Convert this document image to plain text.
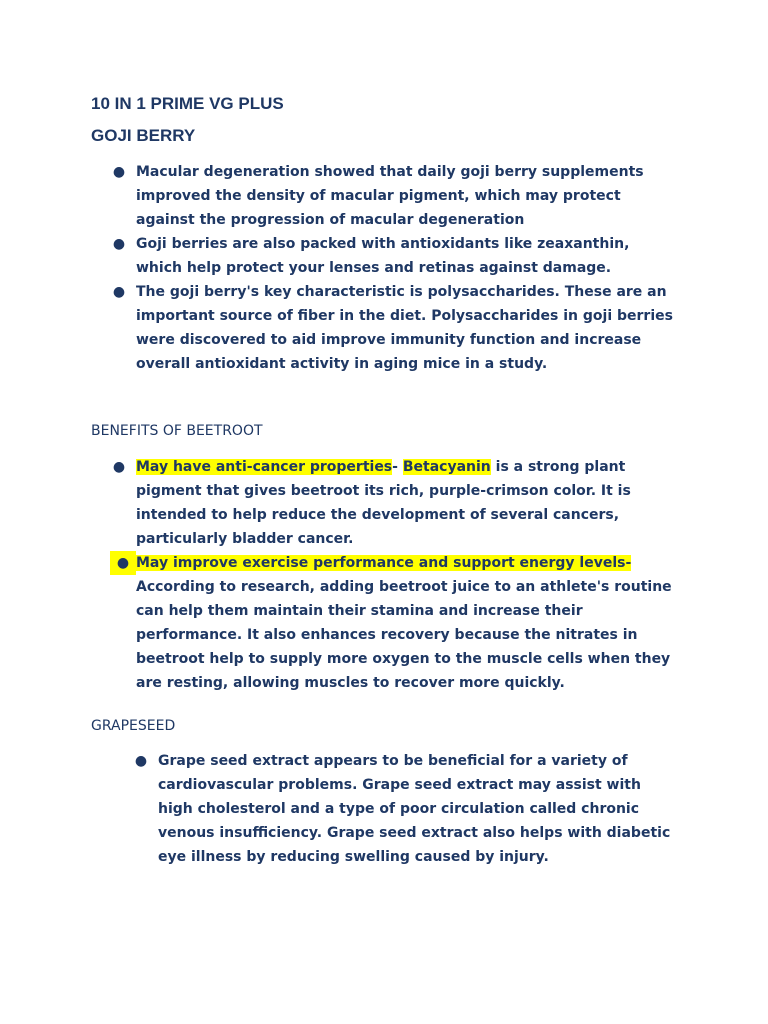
10 IN 1 PRIME VG PLUS
GOJI BERRY
● Macular degeneration showed that daily goji berry supplements improved the density of macular pigment, which may protect against the progression of macular degeneration
● Goji berries are also packed with antioxidants like zeaxanthin, which help protect your lenses and retinas against damage.
● The goji berry's key characteristic is polysaccharides. These are an important source of fiber in the diet. Polysaccharides in goji berries were discovered to aid improve immunity function and increase overall antioxidant activity in aging mice in a study.
BENEFITS OF BEETROOT
● May have anti-cancer properties- Betacyanin is a strong plant pigment that gives beetroot its rich, purple-crimson color. It is intended to help reduce the development of several cancers, particularly bladder cancer.
● May improve exercise performance and support energy levels- According to research, adding beetroot juice to an athlete's routine can help them maintain their stamina and increase their performance. It also enhances recovery because the nitrates in beetroot help to supply more oxygen to the muscle cells when they are resting, allowing muscles to recover more quickly.
GRAPESEED
● Grape seed extract appears to be beneficial for a variety of cardiovascular problems. Grape seed extract may assist with high cholesterol and a type of poor circulation called chronic venous insufficiency. Grape seed extract also helps with diabetic eye illness by reducing swelling caused by injury.
